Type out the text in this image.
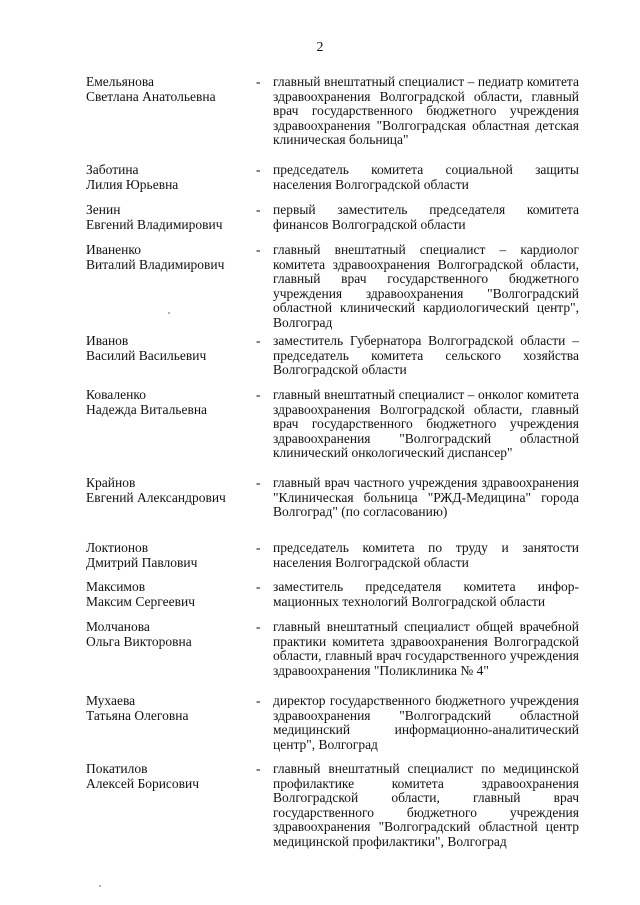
2
Емельянова
Светлана Анатольевна
- главный внештатный специалист – педиатр комитета здравоохранения Волгоградской области, главный врач государственного бюджетного учреждения здравоохранения "Волгоградская областная детская клиническая больница"
Заботина
Лилия Юрьевна
- председатель комитета социальной защиты населения Волгоградской области
Зенин
Евгений Владимирович
- первый заместитель председателя комитета финансов Волгоградской области
Иваненко
Виталий Владимирович
- главный внештатный специалист – кардиолог комитета здравоохранения Волгоградской области, главный врач государственного бюджетного учреждения здравоохранения "Волгоградский областной клинический кардиологический центр", Волгоград
Иванов
Василий Васильевич
- заместитель Губернатора Волгоградской области – председатель комитета сельского хозяйства Волгоградской области
Коваленко
Надежда Витальевна
- главный внештатный специалист – онколог комитета здравоохранения Волгоградской области, главный врач государственного бюджетного учреждения здравоохранения "Волгоградский областной клинический онкологический диспансер"
Крайнов
Евгений Александрович
- главный врач частного учреждения здравоохранения "Клиническая больница "РЖД-Медицина" города Волгоград" (по согласованию)
Локтионов
Дмитрий Павлович
- председатель комитета по труду и занятости населения Волгоградской области
Максимов
Максим Сергеевич
- заместитель председателя комитета информационных технологий Волгоградской области
Молчанова
Ольга Викторовна
- главный внештатный специалист общей врачебной практики комитета здравоохранения Волгоградской области, главный врач государственного учреждения здравоохранения "Поликлиника № 4"
Мухаева
Татьяна Олеговна
- директор государственного бюджетного учреждения здравоохранения "Волгоградский областной медицинский информационно-аналитический центр", Волгоград
Покатилов
Алексей Борисович
- главный внештатный специалист по медицинской профилактике комитета здравоохранения Волгоградской области, главный врач государственного бюджетного учреждения здравоохранения "Волгоградский областной центр медицинской профилактики", Волгоград
